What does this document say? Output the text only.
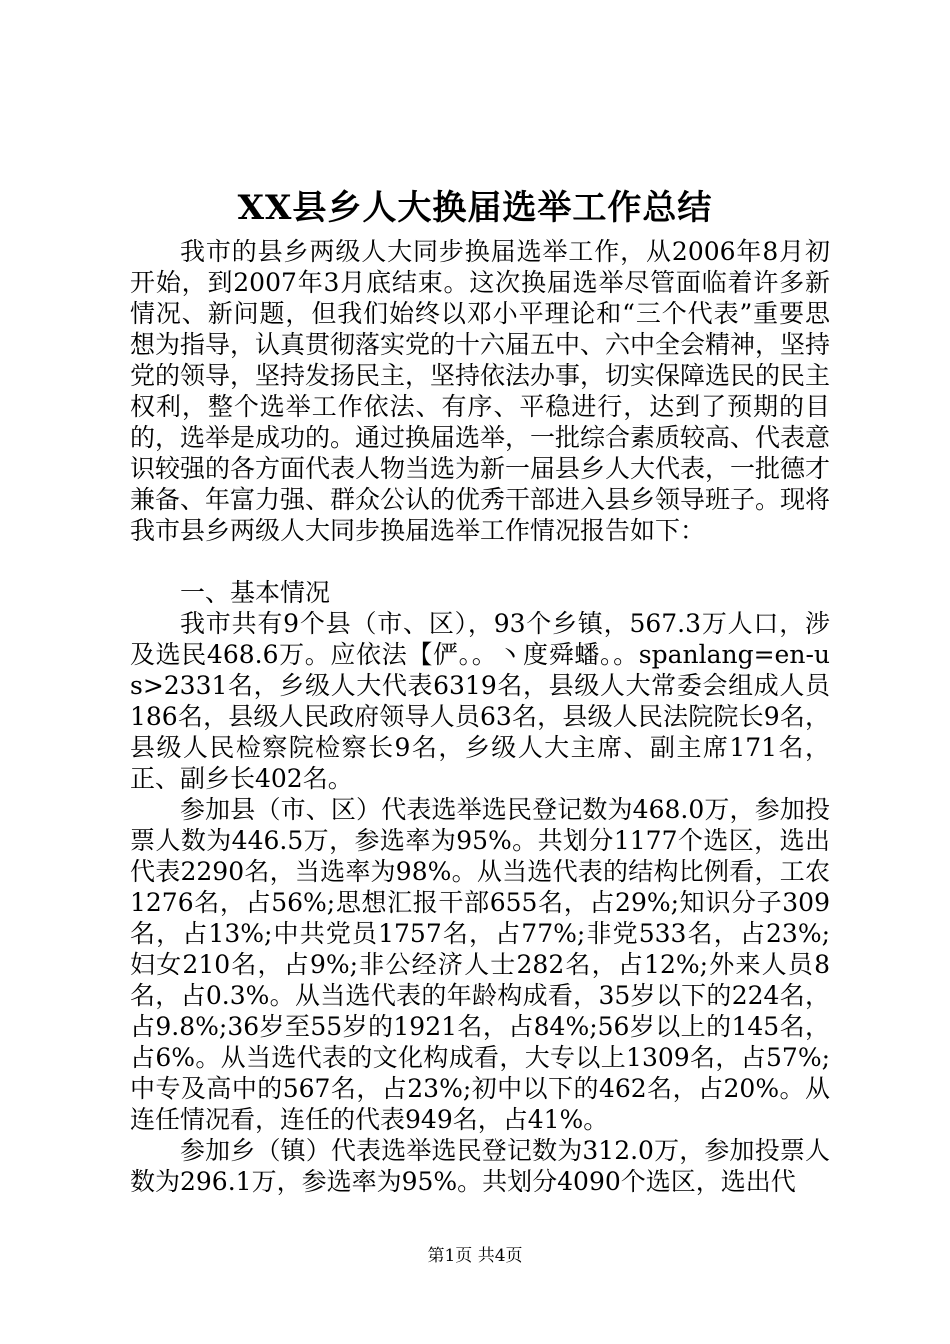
XX县乡人大换届选举工作总结

我市的县乡两级人大同步换届选举工作，从2006年8月初开始，到2007年3月底结束。这次换届选举尽管面临着许多新情况、新问题，但我们始终以邓小平理论和“三个代表”重要思想为指导，认真贯彻落实党的十六届五中、六中全会精神，坚持党的领导，坚持发扬民主，坚持依法办事，切实保障选民的民主权利，整个选举工作依法、有序、平稳进行，达到了预期的目的，选举是成功的。通过换届选举，一批综合素质较高、代表意识较强的各方面代表人物当选为新一届县乡人大代表，一批德才兼备、年富力强、群众公认的优秀干部进入县乡领导班子。现将我市县乡两级人大同步换届选举工作情况报告如下：

一、基本情况

我市共有9个县（市、区），93个乡镇，567.3万人口，涉及选民468.6万。应依法【俨。。丶度舜蟠。。spanlang=en-us>2331名，乡级人大代表6319名，县级人大常委会组成人员186名，县级人民政府领导人员63名，县级人民法院院长9名，县级人民检察院检察长9名，乡级人大主席、副主席171名，正、副乡长402名。

参加县（市、区）代表选举选民登记数为468.0万，参加投票人数为446.5万，参选率为95%。共划分1177个选区，选出代表2290名，当选率为98%。从当选代表的结构比例看，工农1276名，占56%;思想汇报干部655名，占29%;知识分子309名，占13%;中共党员1757名，占77%;非党533名，占23%;妇女210名，占9%;非公经济人士282名，占12%;外来人员8名，占0.3%。从当选代表的年龄构成看，35岁以下的224名，占9.8%;36岁至55岁的1921名，占84%;56岁以上的145名，占6%。从当选代表的文化构成看，大专以上1309名，占57%;中专及高中的567名，占23%;初中以下的462名，占20%。从连任情况看，连任的代表949名，占41%。

参加乡（镇）代表选举选民登记数为312.0万，参加投票人数为296.1万，参选率为95%。共划分4090个选区，选出代

第1页 共4页
